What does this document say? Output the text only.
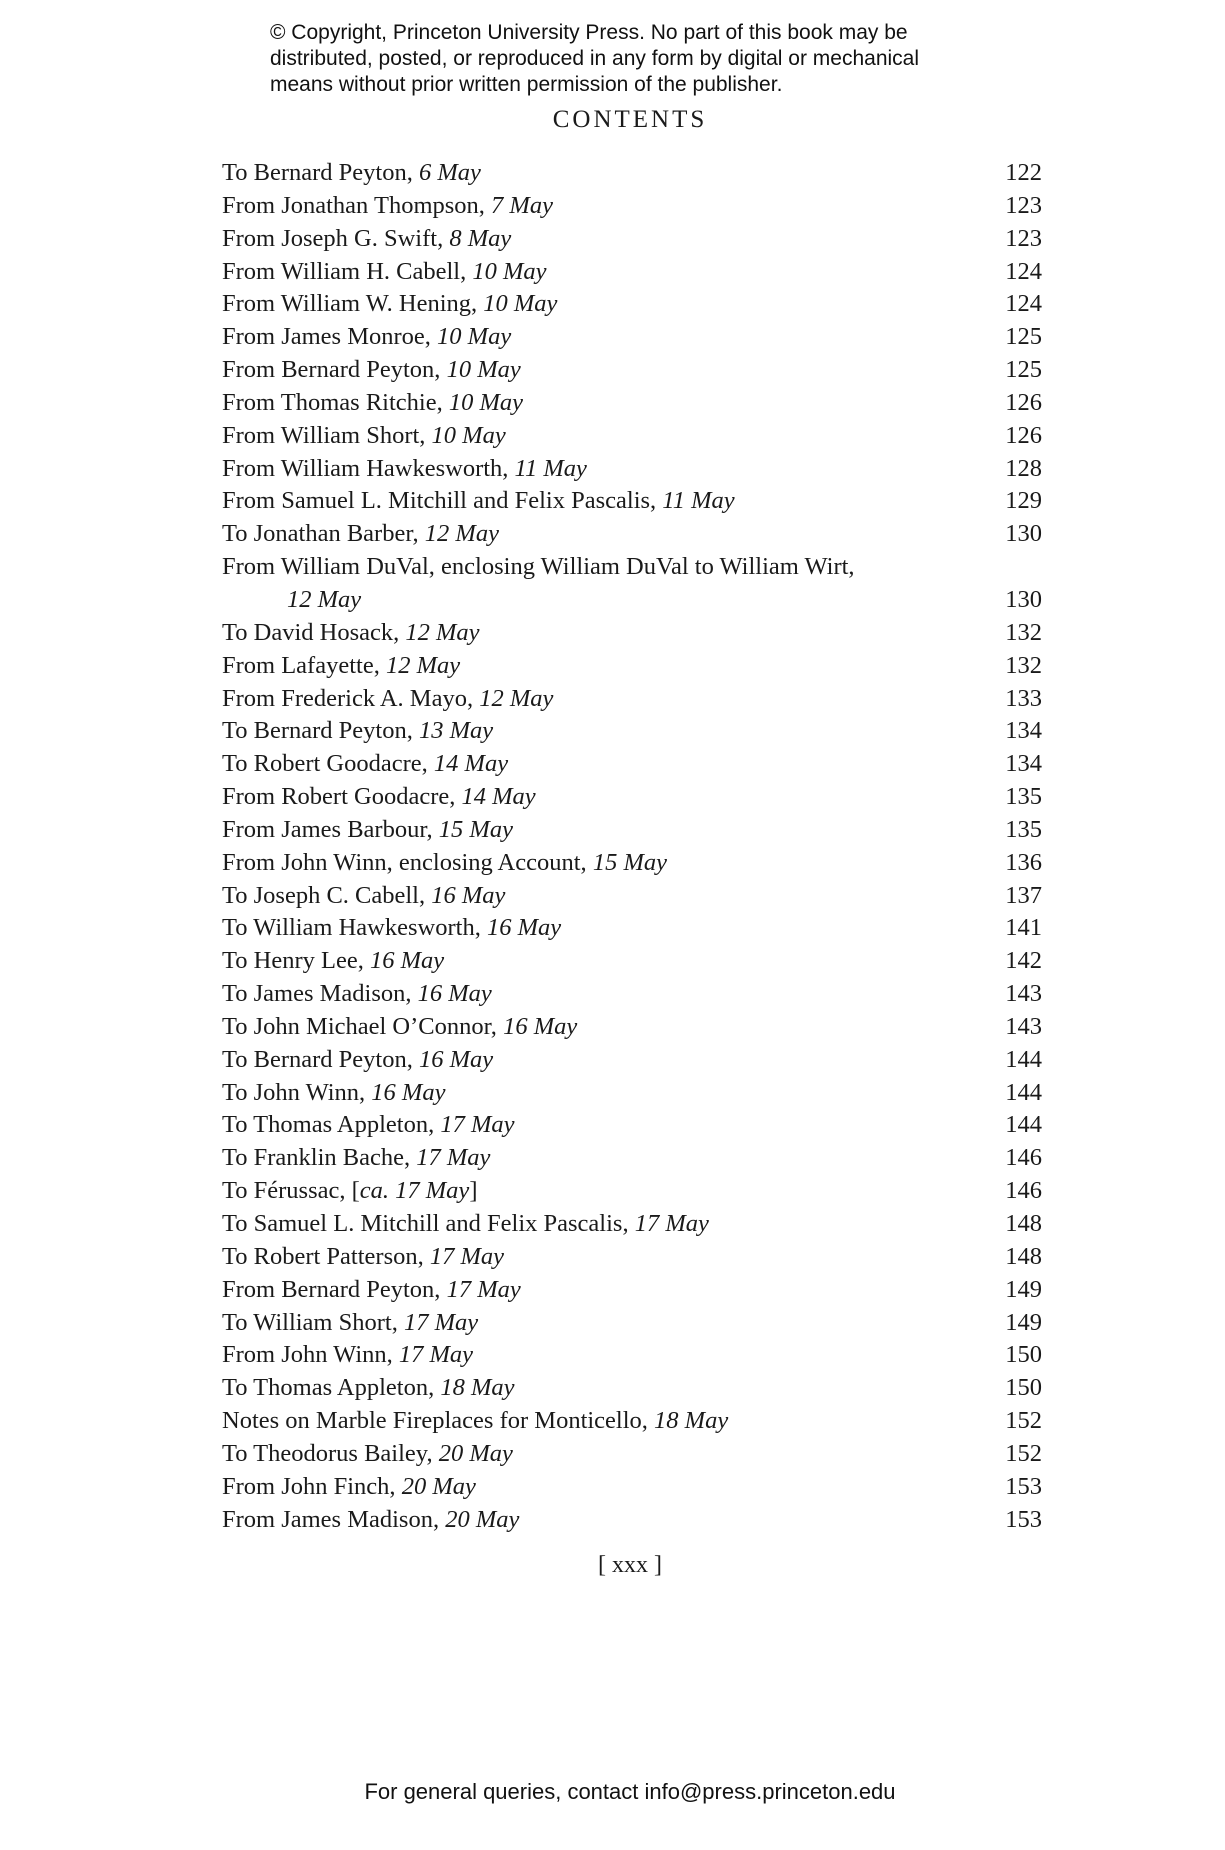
© Copyright, Princeton University Press. No part of this book may be
distributed, posted, or reproduced in any form by digital or mechanical
means without prior written permission of the publisher.
CONTENTS
To Bernard Peyton, 6 May	122
From Jonathan Thompson, 7 May	123
From Joseph G. Swift, 8 May	123
From William H. Cabell, 10 May	124
From William W. Hening, 10 May	124
From James Monroe, 10 May	125
From Bernard Peyton, 10 May	125
From Thomas Ritchie, 10 May	126
From William Short, 10 May	126
From William Hawkesworth, 11 May	128
From Samuel L. Mitchill and Felix Pascalis, 11 May	129
To Jonathan Barber, 12 May	130
From William DuVal, enclosing William DuVal to William Wirt,
12 May	130
To David Hosack, 12 May	132
From Lafayette, 12 May	132
From Frederick A. Mayo, 12 May	133
To Bernard Peyton, 13 May	134
To Robert Goodacre, 14 May	134
From Robert Goodacre, 14 May	135
From James Barbour, 15 May	135
From John Winn, enclosing Account, 15 May	136
To Joseph C. Cabell, 16 May	137
To William Hawkesworth, 16 May	141
To Henry Lee, 16 May	142
To James Madison, 16 May	143
To John Michael O’Connor, 16 May	143
To Bernard Peyton, 16 May	144
To John Winn, 16 May	144
To Thomas Appleton, 17 May	144
To Franklin Bache, 17 May	146
To Férussac, [ca. 17 May]	146
To Samuel L. Mitchill and Felix Pascalis, 17 May	148
To Robert Patterson, 17 May	148
From Bernard Peyton, 17 May	149
To William Short, 17 May	149
From John Winn, 17 May	150
To Thomas Appleton, 18 May	150
Notes on Marble Fireplaces for Monticello, 18 May	152
To Theodorus Bailey, 20 May	152
From John Finch, 20 May	153
From James Madison, 20 May	153
[ xxx ]
For general queries, contact info@press.princeton.edu
